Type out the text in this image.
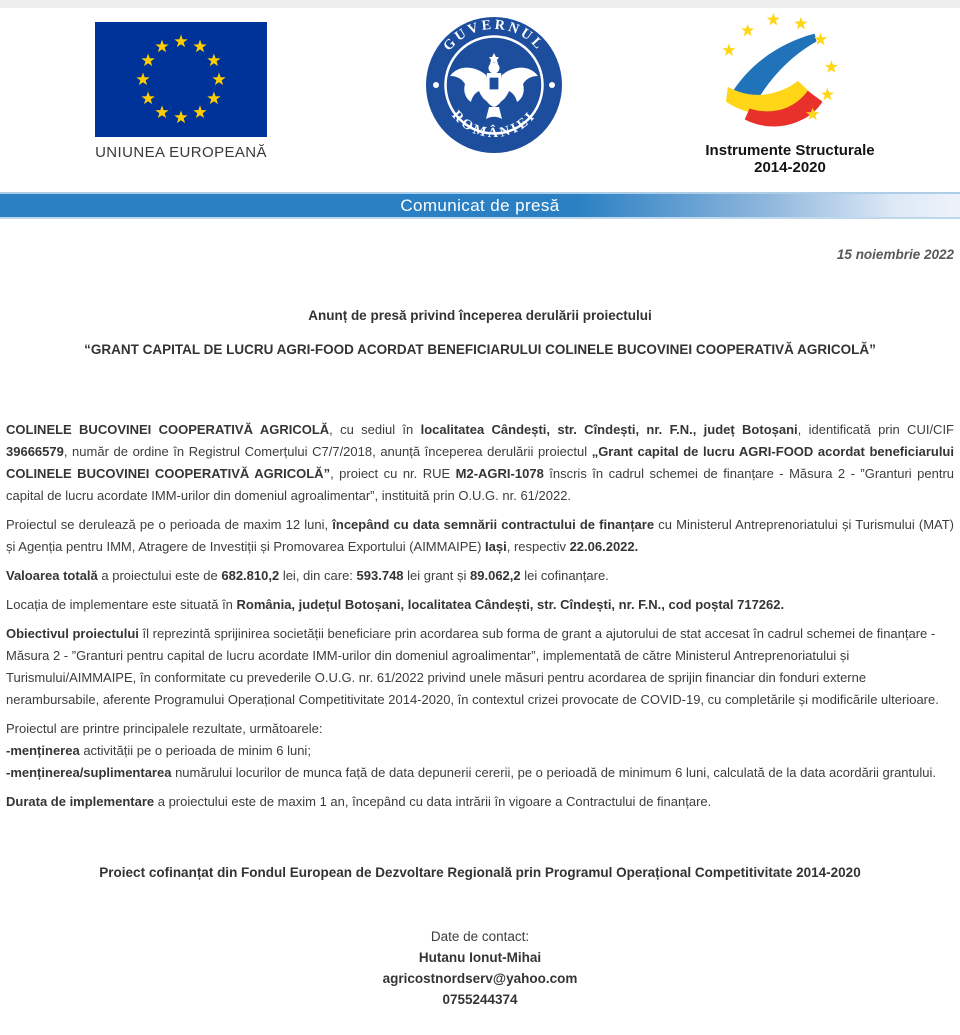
UNIUNEA EUROPEANĂ
GUVERNUL
ROMÂNIEI
Instrumente Structurale
2014-2020
Comunicat de presă
15 noiembrie 2022
Anunț de presă privind începerea derulării proiectului
“GRANT CAPITAL DE LUCRU AGRI-FOOD ACORDAT BENEFICIARULUI COLINELE BUCOVINEI COOPERATIVĂ AGRICOLĂ”

COLINELE BUCOVINEI COOPERATIVĂ AGRICOLĂ, cu sediul în localitatea Cândești, str. Cîndești, nr. F.N., județ Botoșani, identificată prin CUI/CIF 39666579, număr de ordine în Registrul Comerțului C7/7/2018, anunță începerea derulării proiectul „Grant capital de lucru AGRI-FOOD acordat beneficiarului COLINELE BUCOVINEI COOPERATIVĂ AGRICOLĂ”, proiect cu nr. RUE M2-AGRI-1078 înscris în cadrul schemei de finanțare - Măsura 2 - ”Granturi pentru capital de lucru acordate IMM-urilor din domeniul agroalimentar”, instituită prin O.U.G. nr. 61/2022.

Proiectul se derulează pe o perioada de maxim 12 luni, începând cu data semnării contractului de finanțare cu Ministerul Antreprenoriatului și Turismului (MAT) și Agenția pentru IMM, Atragere de Investiții și Promovarea Exportului (AIMMAIPE) Iași, respectiv 22.06.2022.

Valoarea totală a proiectului este de 682.810,2 lei, din care: 593.748 lei grant și 89.062,2 lei cofinanțare.

Locația de implementare este situată în România, județul Botoșani, localitatea Cândești, str. Cîndești, nr. F.N., cod poștal 717262.

Obiectivul proiectului îl reprezintă sprijinirea societății beneficiare prin acordarea sub forma de grant a ajutorului de stat accesat în cadrul schemei de finanțare - Măsura 2 - ”Granturi pentru capital de lucru acordate IMM-urilor din domeniul agroalimentar”, implementată de către Ministerul Antreprenoriatului și Turismului/AIMMAIPE, în conformitate cu prevederile O.U.G. nr. 61/2022 privind unele măsuri pentru acordarea de sprijin financiar din fonduri externe nerambursabile, aferente Programului Operațional Competitivitate 2014-2020, în contextul crizei provocate de COVID-19, cu completările și modificările ulterioare.

Proiectul are printre principalele rezultate, următoarele:

-menținerea activității pe o perioada de minim 6 luni;

-menținerea/suplimentarea numărului locurilor de munca față de data depunerii cererii, pe o perioadă de minimum 6 luni, calculată de la data acordării grantului.

Durata de implementare a proiectului este de maxim 1 an, începând cu data intrării în vigoare a Contractului de finanțare.

Proiect cofinanțat din Fondul European de Dezvoltare Regională prin Programul Operațional Competitivitate 2014-2020
Date de contact:
Hutanu Ionut-Mihai
agricostnordserv@yahoo.com
0755244374
